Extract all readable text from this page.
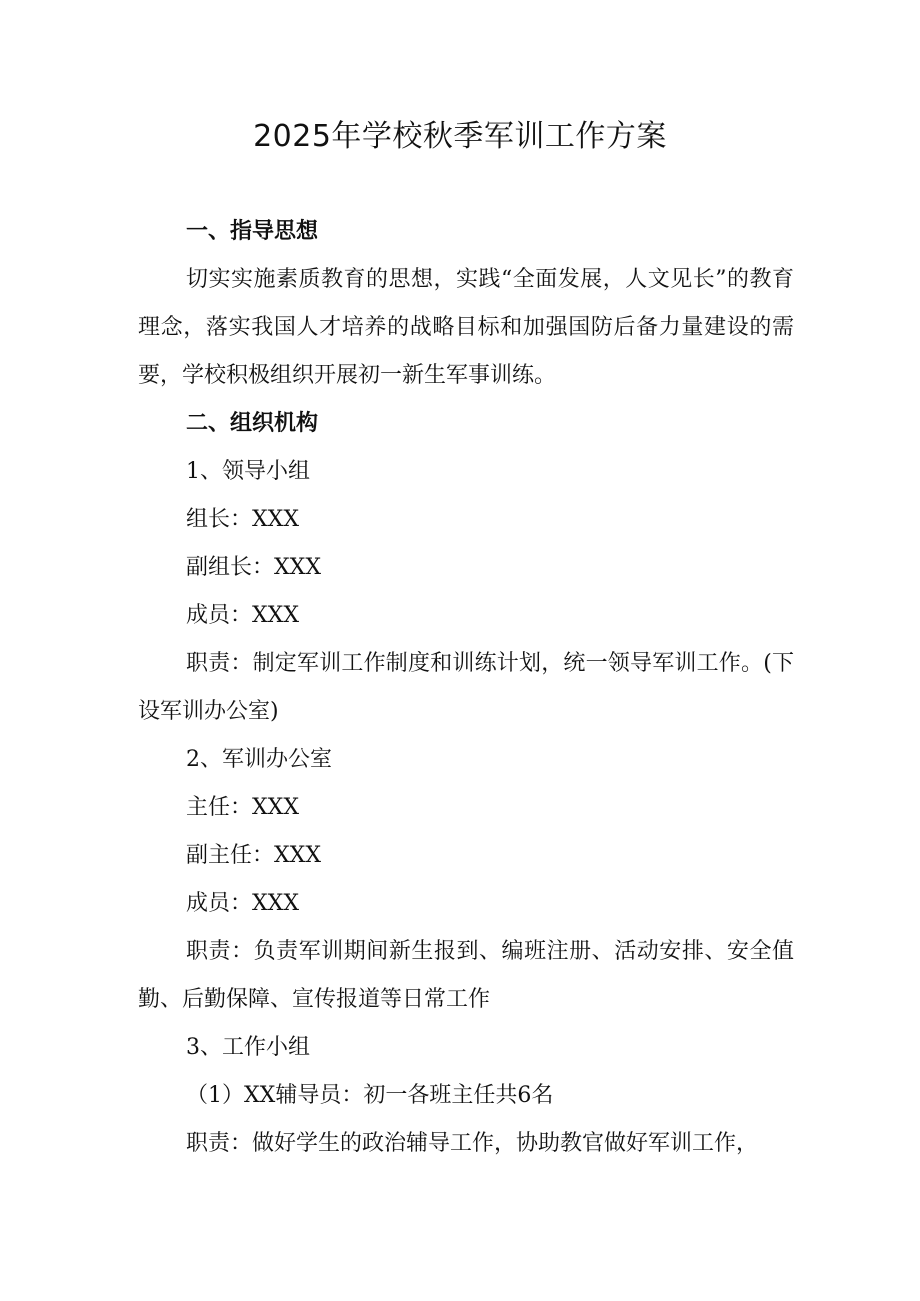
2025年学校秋季军训工作方案

一、指导思想

切实实施素质教育的思想，实践“全面发展，人文见长”的教育理念，落实我国人才培养的战略目标和加强国防后备力量建设的需要，学校积极组织开展初一新生军事训练。

二、组织机构

1、领导小组

组长：XXX

副组长：XXX

成员：XXX

职责：制定军训工作制度和训练计划，统一领导军训工作。(下设军训办公室)

2、军训办公室

主任：XXX

副主任：XXX

成员：XXX

职责：负责军训期间新生报到、编班注册、活动安排、安全值勤、后勤保障、宣传报道等日常工作

3、工作小组

（1）XX辅导员：初一各班主任共6名

职责：做好学生的政治辅导工作，协助教官做好军训工作，
